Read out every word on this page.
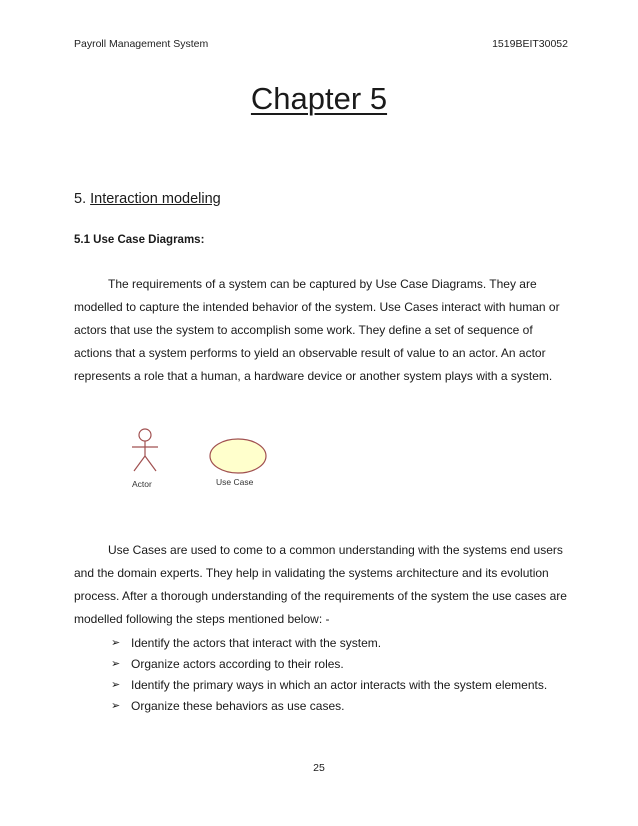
Payroll Management System	1519BEIT30052
Chapter 5
5. Interaction modeling
5.1 Use Case Diagrams:

The requirements of a system can be captured by Use Case Diagrams. They are modelled to capture the intended behavior of the system. Use Cases interact with human or actors that use the system to accomplish some work. They define a set of sequence of actions that a system performs to yield an observable result of value to an actor. An actor represents a role that a human, a hardware device or another system plays with a system.

Actor	Use Case

Use Cases are used to come to a common understanding with the systems end users and the domain experts. They help in validating the systems architecture and its evolution process. After a thorough understanding of the requirements of the system the use cases are modelled following the steps mentioned below: -

➢ Identify the actors that interact with the system.
➢ Organize actors according to their roles.
➢ Identify the primary ways in which an actor interacts with the system elements.
➢ Organize these behaviors as use cases.
25
